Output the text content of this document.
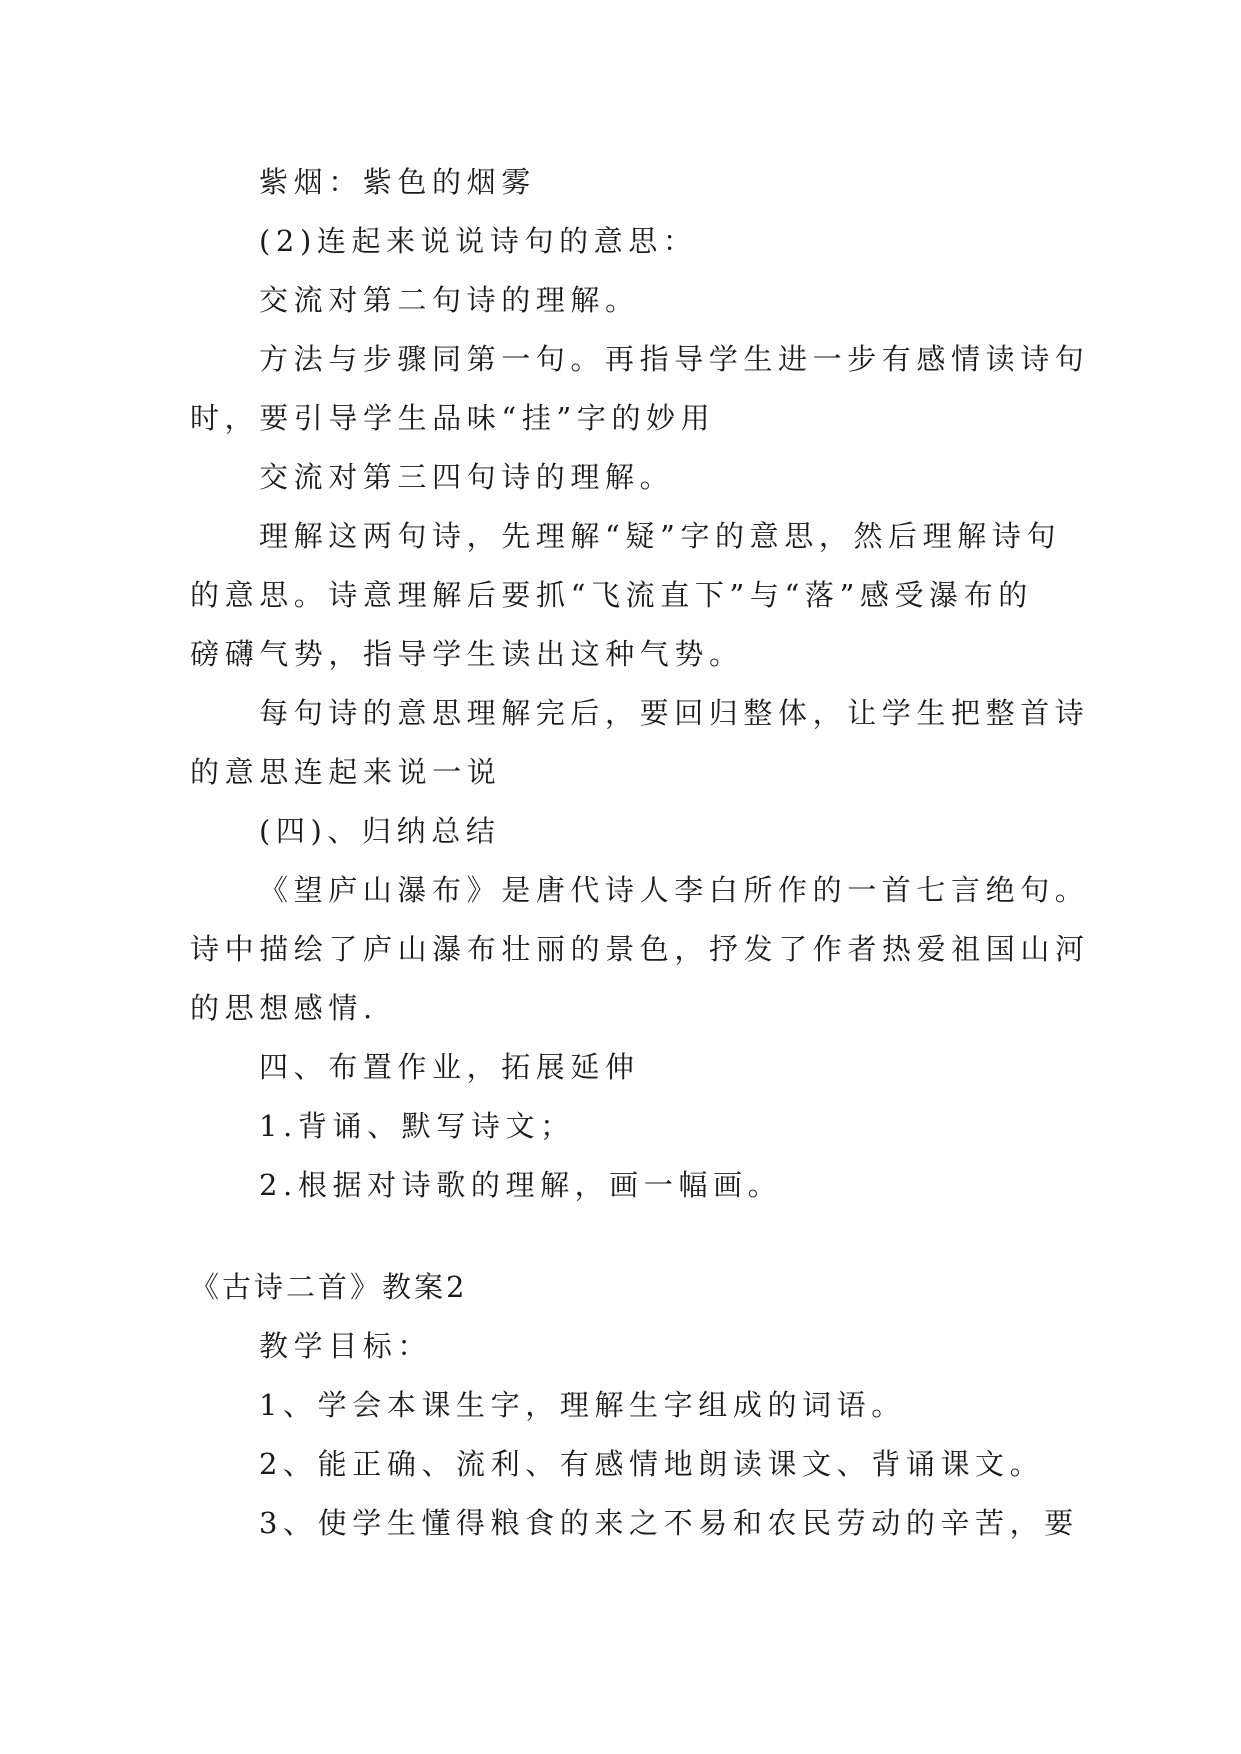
紫烟：紫色的烟雾
(2)连起来说说诗句的意思：
交流对第二句诗的理解。
方法与步骤同第一句。再指导学生进一步有感情读诗句
时，要引导学生品味“挂”字的妙用
交流对第三四句诗的理解。
理解这两句诗，先理解“疑”字的意思，然后理解诗句
的意思。诗意理解后要抓“飞流直下”与“落”感受瀑布的
磅礴气势，指导学生读出这种气势。
每句诗的意思理解完后，要回归整体，让学生把整首诗
的意思连起来说一说
(四)、归纳总结
《望庐山瀑布》是唐代诗人李白所作的一首七言绝句。
诗中描绘了庐山瀑布壮丽的景色，抒发了作者热爱祖国山河
的思想感情.
四、布置作业，拓展延伸
1.背诵、默写诗文；
2.根据对诗歌的理解，画一幅画。
《古诗二首》教案2
教学目标：
1、学会本课生字，理解生字组成的词语。
2、能正确、流利、有感情地朗读课文、背诵课文。
3、使学生懂得粮食的来之不易和农民劳动的辛苦，要
